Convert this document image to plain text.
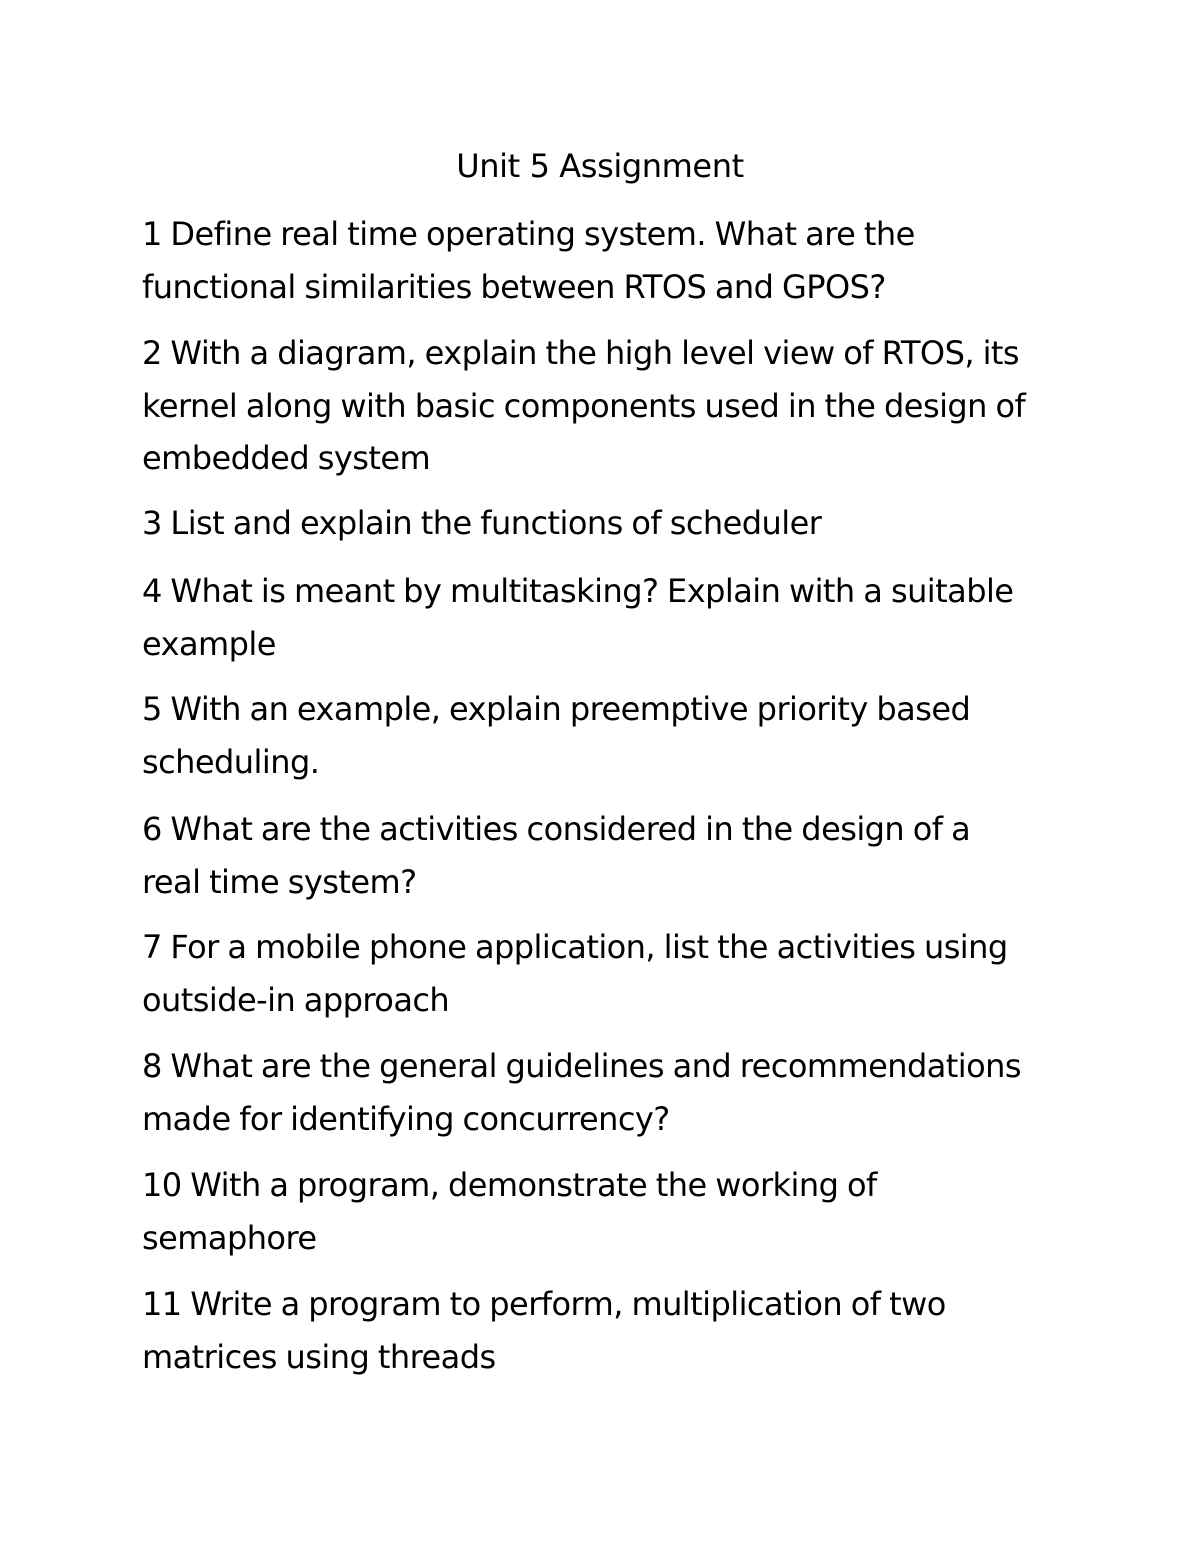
Unit 5 Assignment

1 Define real time operating system. What are the
functional similarities between RTOS and GPOS?

2 With a diagram, explain the high level view of RTOS, its
kernel along with basic components used in the design of
embedded system

3 List and explain the functions of scheduler

4 What is meant by multitasking? Explain with a suitable
example

5 With an example, explain preemptive priority based
scheduling.

6 What are the activities considered in the design of a
real time system?

7 For a mobile phone application, list the activities using
outside-in approach

8 What are the general guidelines and recommendations
made for identifying concurrency?

10 With a program, demonstrate the working of
semaphore

11 Write a program to perform, multiplication of two
matrices using threads
